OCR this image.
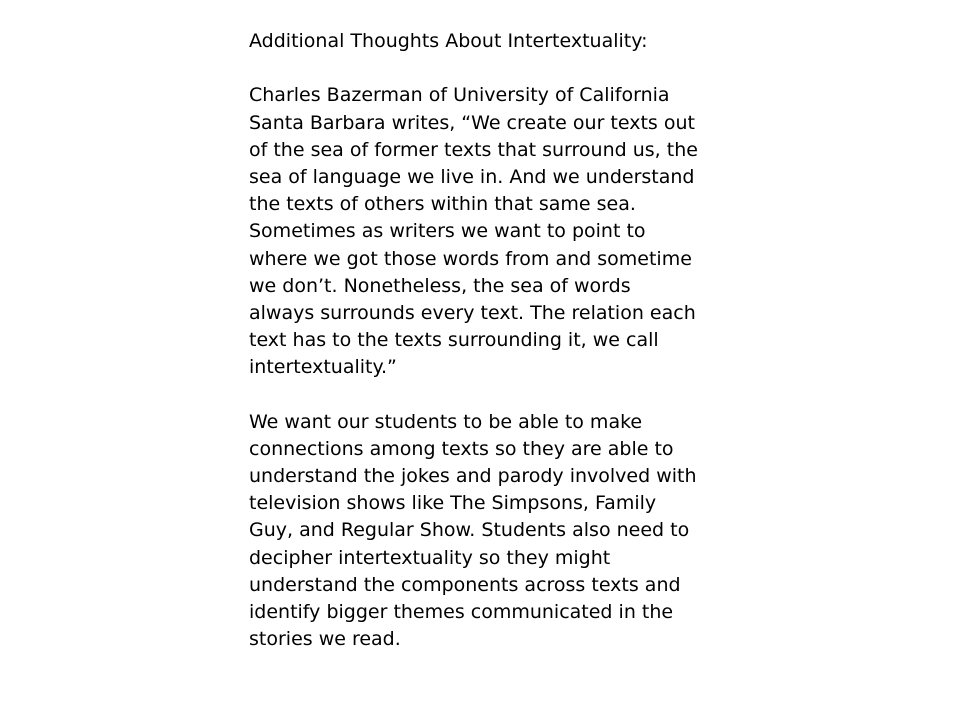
Additional Thoughts About Intertextuality:
Charles Bazerman of University of California
Santa Barbara writes, “We create our texts out
of the sea of former texts that surround us, the
sea of language we live in. And we understand
the texts of others within that same sea.
Sometimes as writers we want to point to
where we got those words from and sometime
we don’t. Nonetheless, the sea of words
always surrounds every text. The relation each
text has to the texts surrounding it, we call
intertextuality.”
We want our students to be able to make
connections among texts so they are able to
understand the jokes and parody involved with
television shows like The Simpsons, Family
Guy, and Regular Show. Students also need to
decipher intertextuality so they might
understand the components across texts and
identify bigger themes communicated in the
stories we read.
